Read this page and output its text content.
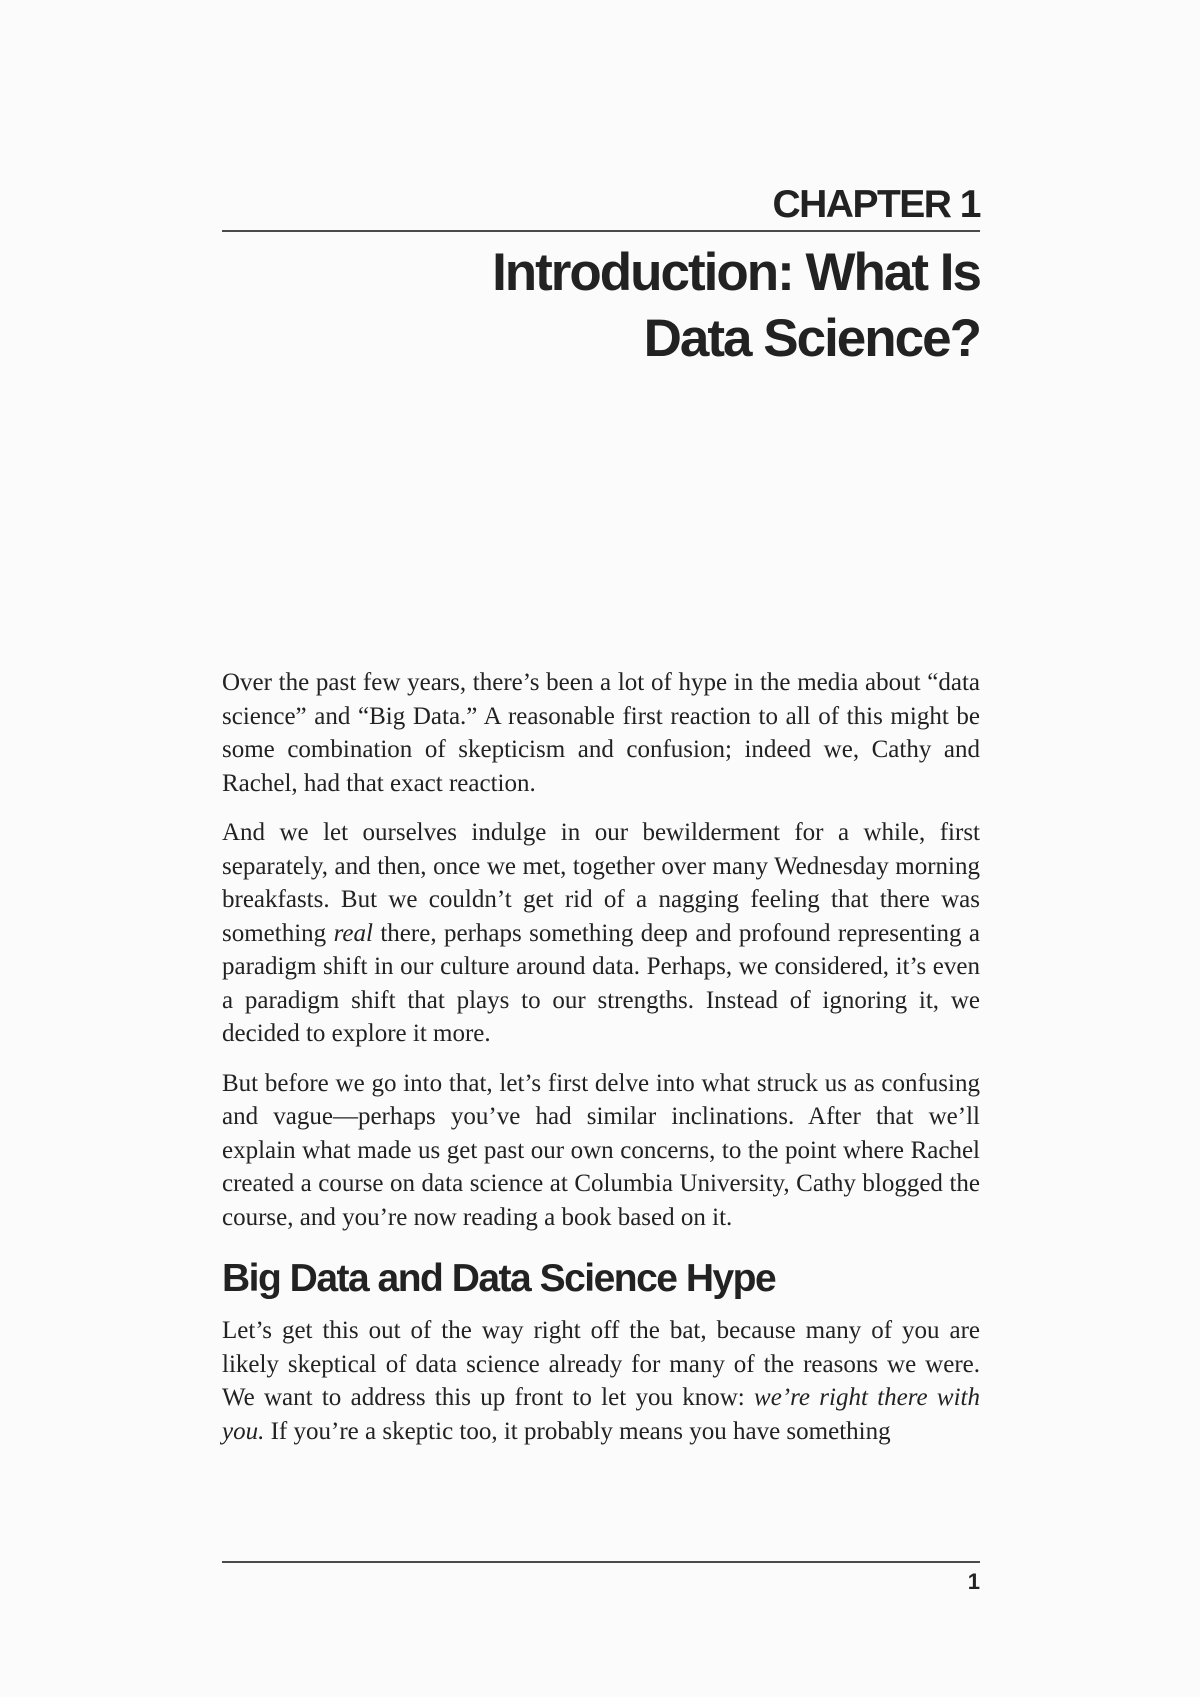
CHAPTER 1
Introduction: What Is
Data Science?

Over the past few years, there’s been a lot of hype in the media about “data science” and “Big Data.” A reasonable first reaction to all of this might be some combination of skepticism and confusion; indeed we, Cathy and Rachel, had that exact reaction.

And we let ourselves indulge in our bewilderment for a while, first separately, and then, once we met, together over many Wednesday morning breakfasts. But we couldn’t get rid of a nagging feeling that there was something real there, perhaps something deep and profound representing a paradigm shift in our culture around data. Perhaps, we considered, it’s even a paradigm shift that plays to our strengths. Instead of ignoring it, we decided to explore it more.

But before we go into that, let’s first delve into what struck us as confusing and vague—perhaps you’ve had similar inclinations. After that we’ll explain what made us get past our own concerns, to the point where Rachel created a course on data science at Columbia University, Cathy blogged the course, and you’re now reading a book based on it.

Big Data and Data Science Hype

Let’s get this out of the way right off the bat, because many of you are likely skeptical of data science already for many of the reasons we were. We want to address this up front to let you know: we’re right there with you. If you’re a skeptic too, it probably means you have something

1
